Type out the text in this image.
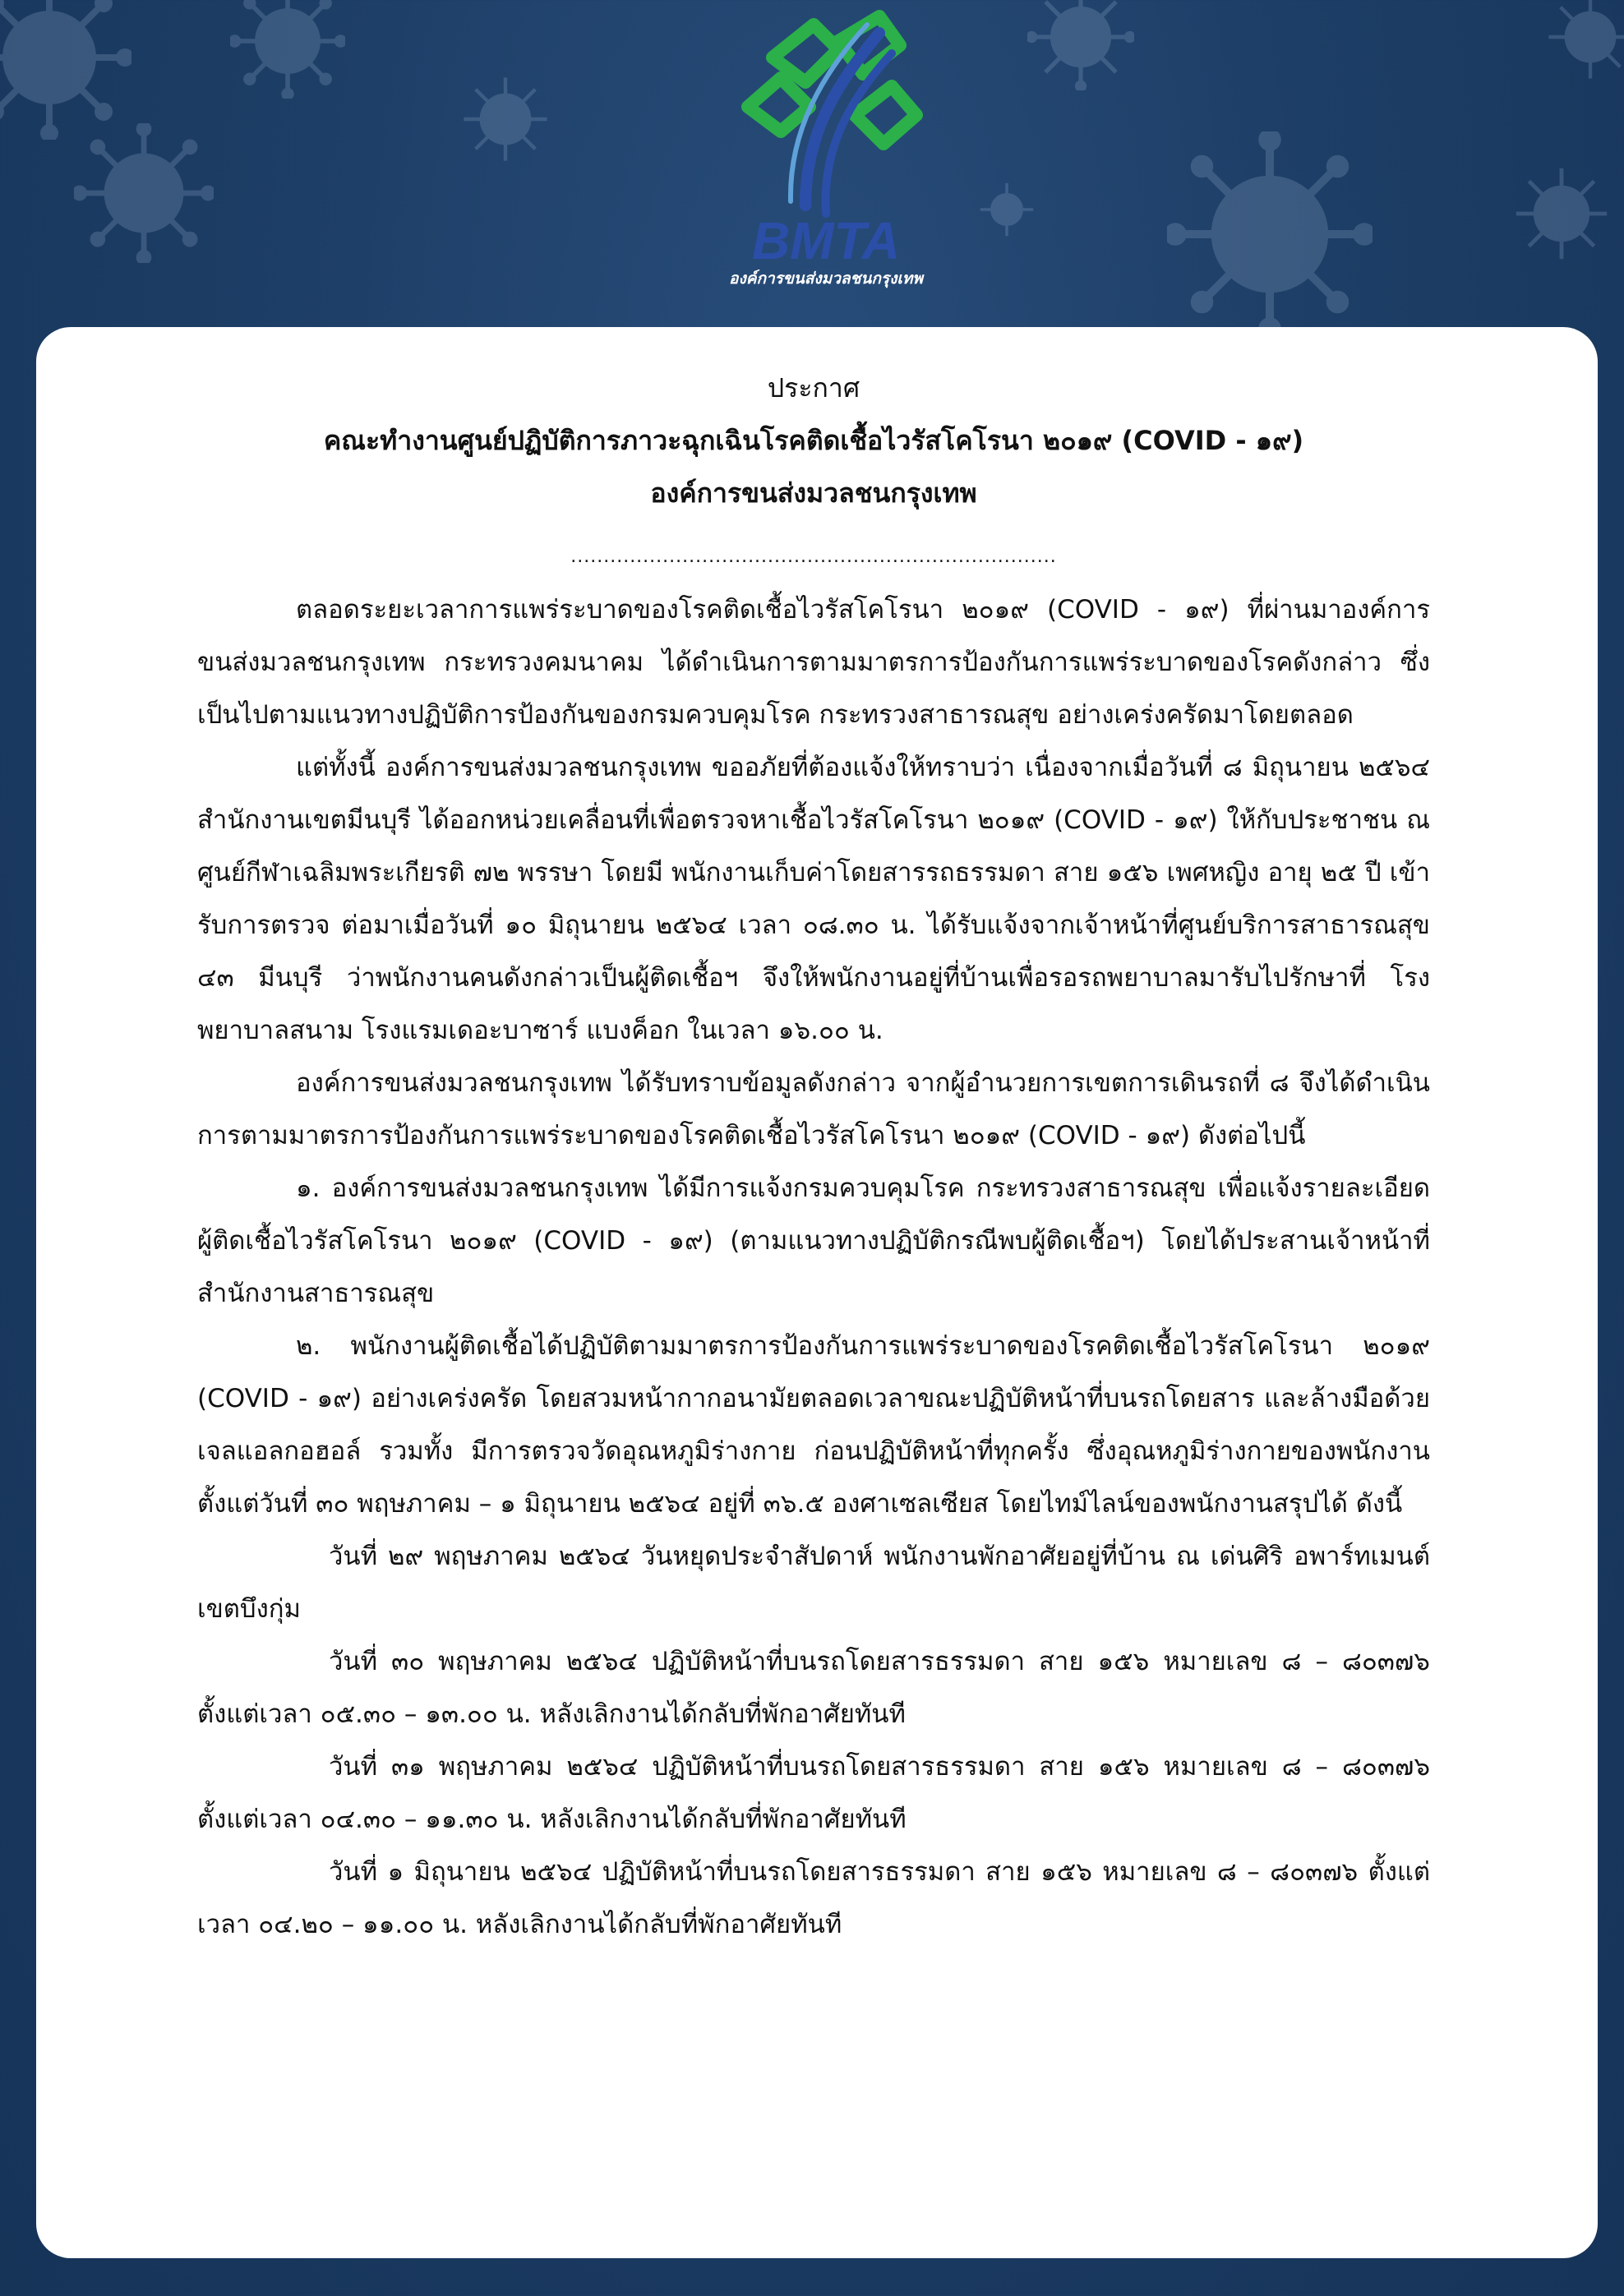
BMTA
องค์การขนส่งมวลชนกรุงเทพ

ประกาศ

คณะทำงานศูนย์ปฏิบัติการภาวะฉุกเฉินโรคติดเชื้อไวรัสโคโรนา ๒๐๑๙ (COVID - ๑๙)

องค์การขนส่งมวลชนกรุงเทพ

..........................................................................

ตลอดระยะเวลาการแพร่ระบาดของโรคติดเชื้อไวรัสโคโรนา ๒๐๑๙ (COVID - ๑๙) ที่ผ่านมาองค์การขนส่งมวลชนกรุงเทพ กระทรวงคมนาคม ได้ดำเนินการตามมาตรการป้องกันการแพร่ระบาดของโรคดังกล่าว ซึ่งเป็นไปตามแนวทางปฏิบัติการป้องกันของกรมควบคุมโรค กระทรวงสาธารณสุข อย่างเคร่งครัดมาโดยตลอด

แต่ทั้งนี้ องค์การขนส่งมวลชนกรุงเทพ ขออภัยที่ต้องแจ้งให้ทราบว่า เนื่องจากเมื่อวันที่ ๘ มิถุนายน ๒๕๖๔ สำนักงานเขตมีนบุรี ได้ออกหน่วยเคลื่อนที่เพื่อตรวจหาเชื้อไวรัสโคโรนา ๒๐๑๙ (COVID - ๑๙) ให้กับประชาชน ณ ศูนย์กีฬาเฉลิมพระเกียรติ ๗๒ พรรษา โดยมี พนักงานเก็บค่าโดยสารรถธรรมดา สาย ๑๕๖ เพศหญิง อายุ ๒๕ ปี เข้ารับการตรวจ ต่อมาเมื่อวันที่ ๑๐ มิถุนายน ๒๕๖๔ เวลา ๐๘.๓๐ น. ได้รับแจ้งจากเจ้าหน้าที่ศูนย์บริการสาธารณสุข ๔๓ มีนบุรี ว่าพนักงานคนดังกล่าวเป็นผู้ติดเชื้อฯ จึงให้พนักงานอยู่ที่บ้านเพื่อรอรถพยาบาลมารับไปรักษาที่ โรงพยาบาลสนาม โรงแรมเดอะบาซาร์ แบงค็อก ในเวลา ๑๖.๐๐ น.

องค์การขนส่งมวลชนกรุงเทพ ได้รับทราบข้อมูลดังกล่าว จากผู้อำนวยการเขตการเดินรถที่ ๘ จึงได้ดำเนินการตามมาตรการป้องกันการแพร่ระบาดของโรคติดเชื้อไวรัสโคโรนา ๒๐๑๙ (COVID - ๑๙) ดังต่อไปนี้

๑. องค์การขนส่งมวลชนกรุงเทพ ได้มีการแจ้งกรมควบคุมโรค กระทรวงสาธารณสุข เพื่อแจ้งรายละเอียดผู้ติดเชื้อไวรัสโคโรนา ๒๐๑๙ (COVID - ๑๙) (ตามแนวทางปฏิบัติกรณีพบผู้ติดเชื้อฯ) โดยได้ประสานเจ้าหน้าที่สำนักงานสาธารณสุข

๒. พนักงานผู้ติดเชื้อได้ปฏิบัติตามมาตรการป้องกันการแพร่ระบาดของโรคติดเชื้อไวรัสโคโรนา ๒๐๑๙ (COVID - ๑๙) อย่างเคร่งครัด โดยสวมหน้ากากอนามัยตลอดเวลาขณะปฏิบัติหน้าที่บนรถโดยสาร และล้างมือด้วยเจลแอลกอฮอล์ รวมทั้ง มีการตรวจวัดอุณหภูมิร่างกาย ก่อนปฏิบัติหน้าที่ทุกครั้ง ซึ่งอุณหภูมิร่างกายของพนักงาน ตั้งแต่วันที่ ๓๐ พฤษภาคม – ๑ มิถุนายน ๒๕๖๔ อยู่ที่ ๓๖.๕ องศาเซลเซียส โดยไทม์ไลน์ของพนักงานสรุปได้ ดังนี้

วันที่ ๒๙ พฤษภาคม ๒๕๖๔ วันหยุดประจำสัปดาห์ พนักงานพักอาศัยอยู่ที่บ้าน ณ เด่นศิริ อพาร์ทเมนต์ เขตบึงกุ่ม

วันที่ ๓๐ พฤษภาคม ๒๕๖๔ ปฏิบัติหน้าที่บนรถโดยสารธรรมดา สาย ๑๕๖ หมายเลข ๘ – ๘๐๓๗๖ ตั้งแต่เวลา ๐๕.๓๐ – ๑๓.๐๐ น. หลังเลิกงานได้กลับที่พักอาศัยทันที

วันที่ ๓๑ พฤษภาคม ๒๕๖๔ ปฏิบัติหน้าที่บนรถโดยสารธรรมดา สาย ๑๕๖ หมายเลข ๘ – ๘๐๓๗๖ ตั้งแต่เวลา ๐๔.๓๐ – ๑๑.๓๐ น. หลังเลิกงานได้กลับที่พักอาศัยทันที

วันที่ ๑ มิถุนายน ๒๕๖๔ ปฏิบัติหน้าที่บนรถโดยสารธรรมดา สาย ๑๕๖ หมายเลข ๘ – ๘๐๓๗๖ ตั้งแต่เวลา ๐๔.๒๐ – ๑๑.๐๐ น. หลังเลิกงานได้กลับที่พักอาศัยทันที
